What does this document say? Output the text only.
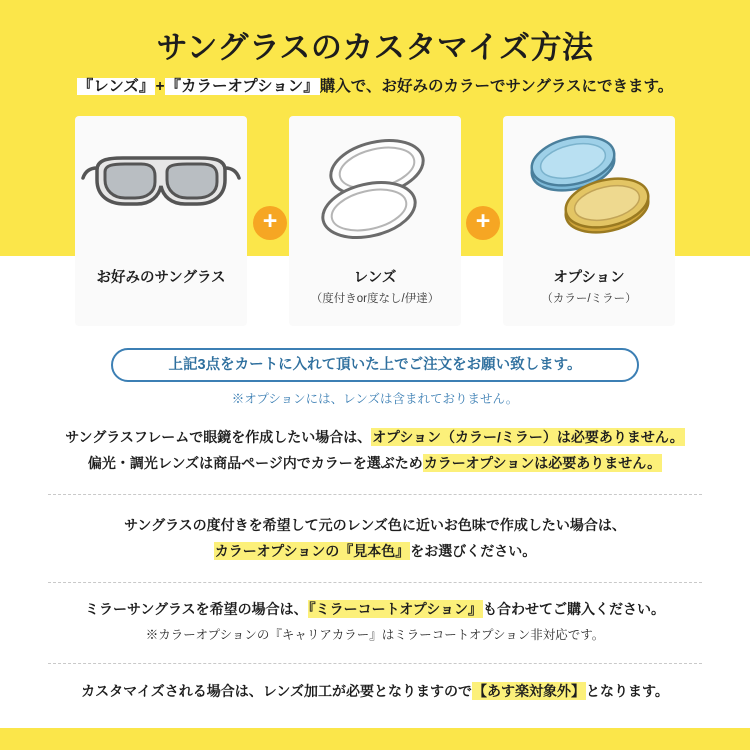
サングラスのカスタマイズ方法
『レンズ』+『カラーオプション』購入で、お好みのカラーでサングラスにできます。
お好みのサングラス	レンズ
（度付きor度なし/伊達）
オプション
（カラー/ミラー）
+	+
上記3点をカートに入れて頂いた上でご注文をお願い致します。
※オプションには、レンズは含まれておりません。
サングラスフレームで眼鏡を作成したい場合は、オプション（カラー/ミラー）は必要ありません。
偏光・調光レンズは商品ページ内でカラーを選ぶためカラーオプションは必要ありません。
サングラスの度付きを希望して元のレンズ色に近いお色味で作成したい場合は、
カラーオプションの『見本色』をお選びください。
ミラーサングラスを希望の場合は、『ミラーコートオプション』も合わせてご購入ください。
※カラーオプションの『キャリアカラー』はミラーコートオプション非対応です。
カスタマイズされる場合は、レンズ加工が必要となりますので【あす楽対象外】となります。
